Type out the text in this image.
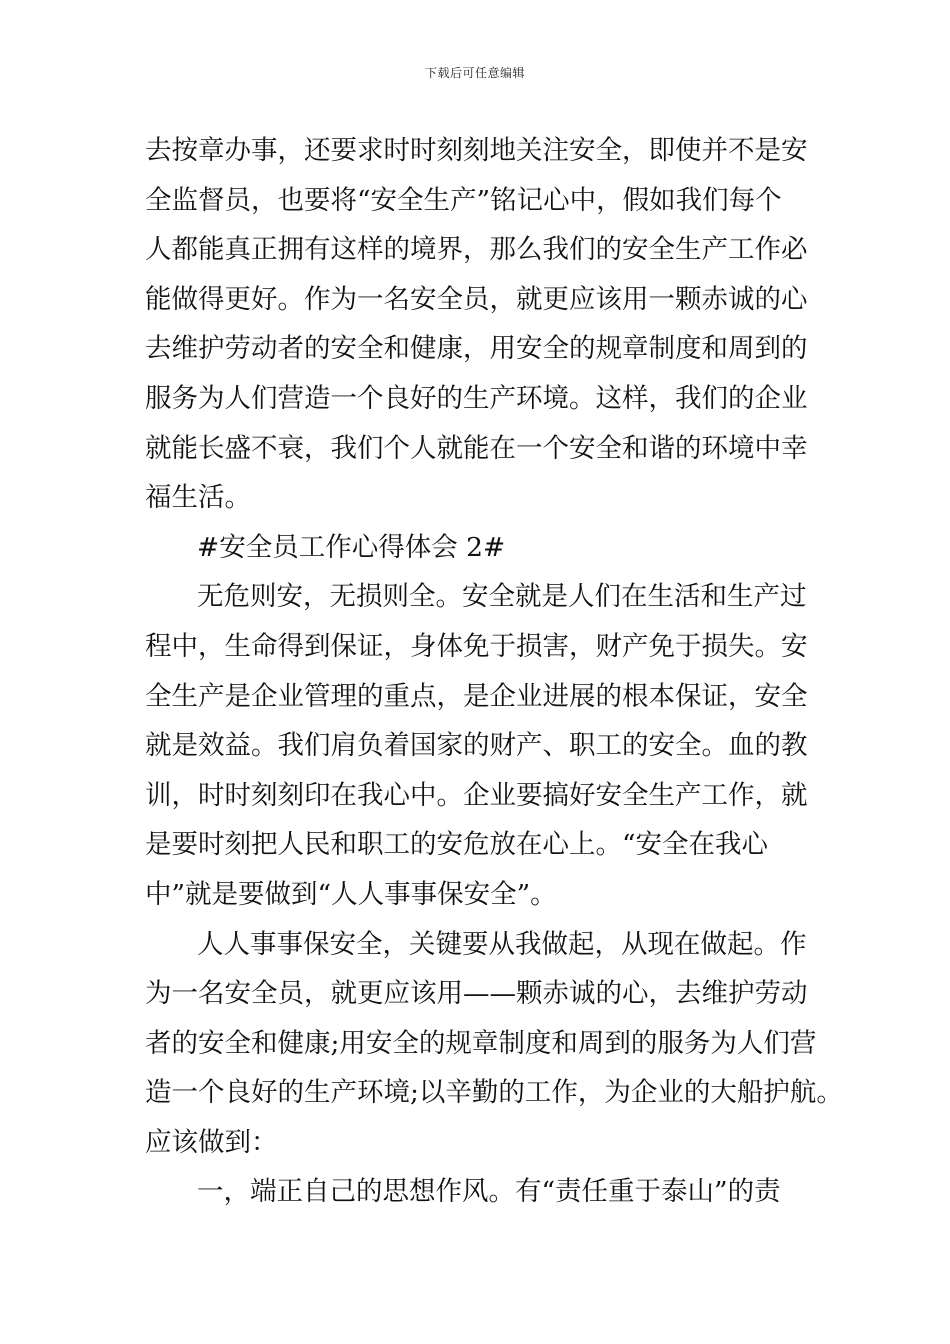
下载后可任意编辑
去按章办事，还要求时时刻刻地关注安全，即使并不是安
全监督员，也要将“安全生产”铭记心中，假如我们每个
人都能真正拥有这样的境界，那么我们的安全生产工作必
能做得更好。作为一名安全员，就更应该用一颗赤诚的心
去维护劳动者的安全和健康，用安全的规章制度和周到的
服务为人们营造一个良好的生产环境。这样，我们的企业
就能长盛不衰，我们个人就能在一个安全和谐的环境中幸
福生活。
#安全员工作心得体会 2#
无危则安，无损则全。安全就是人们在生活和生产过
程中，生命得到保证，身体免于损害，财产免于损失。安
全生产是企业管理的重点，是企业进展的根本保证，安全
就是效益。我们肩负着国家的财产、职工的安全。血的教
训，时时刻刻印在我心中。企业要搞好安全生产工作，就
是要时刻把人民和职工的安危放在心上。“安全在我心
中”就是要做到“人人事事保安全”。
人人事事保安全，关键要从我做起，从现在做起。作
为一名安全员，就更应该用——颗赤诚的心，去维护劳动
者的安全和健康;用安全的规章制度和周到的服务为人们营
造一个良好的生产环境;以辛勤的工作，为企业的大船护航。
应该做到：
一，端正自己的思想作风。有“责任重于泰山”的责
